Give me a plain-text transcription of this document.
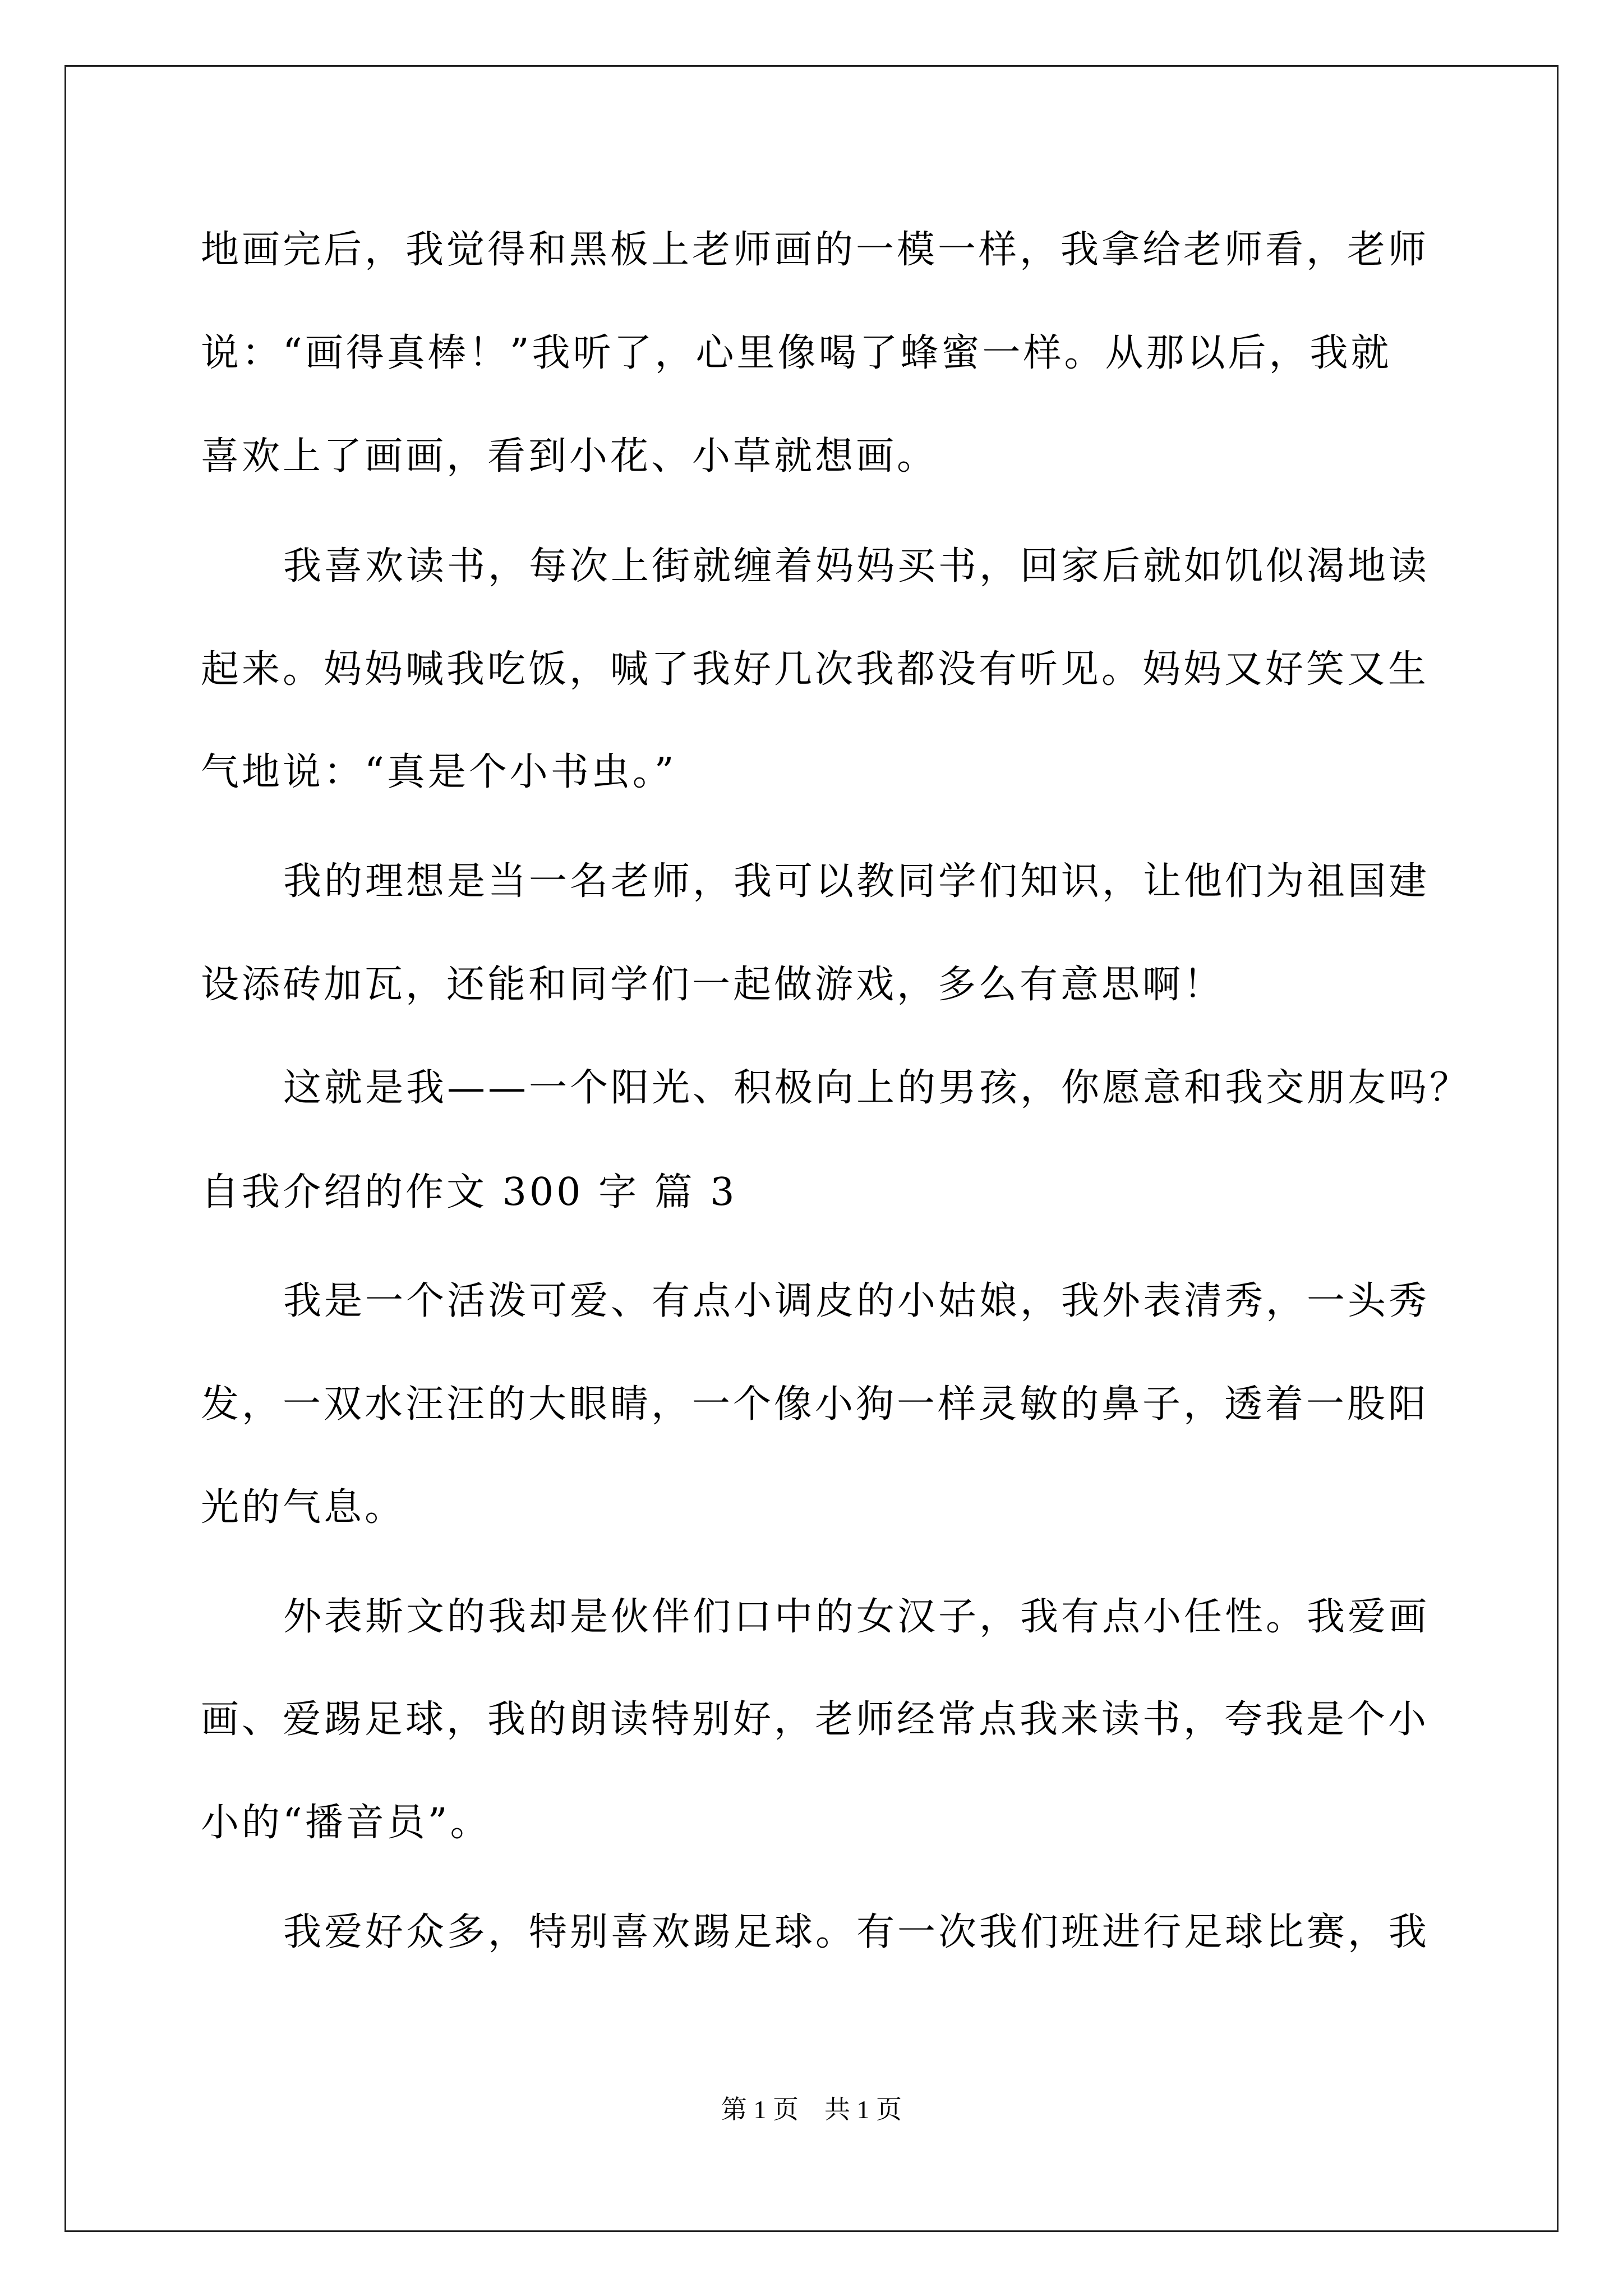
地画完后，我觉得和黑板上老师画的一模一样，我拿给老师看，老师
说：“画得真棒！”我听了，心里像喝了蜂蜜一样。从那以后，我就
喜欢上了画画，看到小花、小草就想画。
我喜欢读书，每次上街就缠着妈妈买书，回家后就如饥似渴地读
起来。妈妈喊我吃饭，喊了我好几次我都没有听见。妈妈又好笑又生
气地说：“真是个小书虫。”
我的理想是当一名老师，我可以教同学们知识，让他们为祖国建
设添砖加瓦，还能和同学们一起做游戏，多么有意思啊！
这就是我——一个阳光、积极向上的男孩，你愿意和我交朋友吗？
自我介绍的作文 300 字 篇 3
我是一个活泼可爱、有点小调皮的小姑娘，我外表清秀，一头秀
发，一双水汪汪的大眼睛，一个像小狗一样灵敏的鼻子，透着一股阳
光的气息。
外表斯文的我却是伙伴们口中的女汉子，我有点小任性。我爱画
画、爱踢足球，我的朗读特别好，老师经常点我来读书，夸我是个小
小的“播音员”。
我爱好众多，特别喜欢踢足球。有一次我们班进行足球比赛，我
第 1 页    共 1 页
